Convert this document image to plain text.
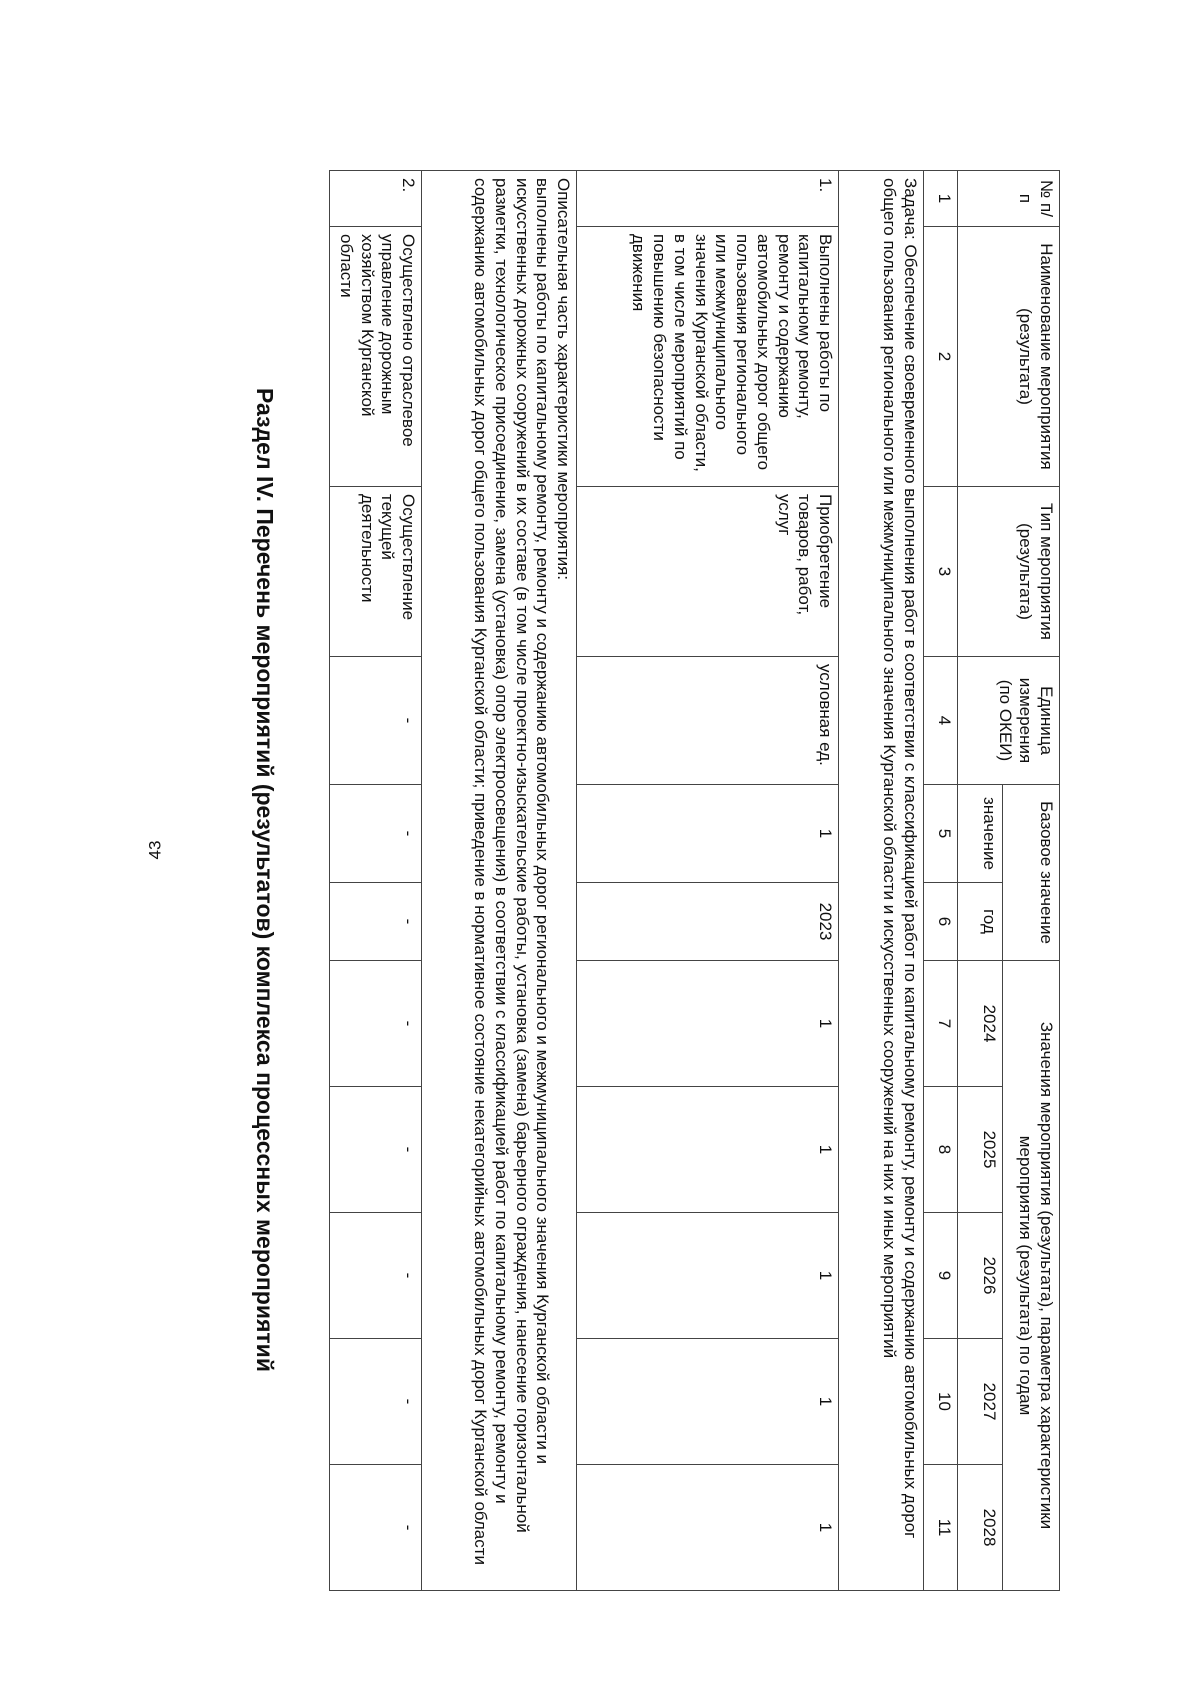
43
№ п/п	Наименование мероприятия (результата)	Тип мероприятия (результата)	Единица измерения (по ОКЕИ)	Базовое значение		Значения мероприятия (результата), параметра характеристики мероприятия (результата) по годам				
				значение	год	2024	2025	2026	2027	2028
1	2	3	4	5	6	7	8	9	10	11
Задача: Обеспечение своевременного выполнения работ в соответствии с классификацией работ по капитальному ремонту, ремонту и содержанию автомобильных дорог общего пользования регионального или межмуниципального значения Курганской области и искусственных сооружений на них и иных мероприятий										
1.	Выполнены работы по капитальному ремонту, ремонту и содержанию автомобильных дорог общего пользования регионального или межмуниципального значения Курганской области, в том числе мероприятий по повышению безопасности движения	Приобретение товаров, работ, услуг	условная ед.	1	2023	1	1	1	1	1

Описательная часть характеристики мероприятия:
выполнены работы по капитальному ремонту, ремонту и содержанию автомобильных дорог регионального и межмуниципального значения Курганской области и искусственных дорожных сооружений в их составе (в том числе проектно-изыскательские работы, установка (замена) барьерного ограждения, нанесение горизонтальной разметки, технологическое присоединение, замена (установка) опор электроосвещения) в соответствии с классификацией работ по капитальному ремонту, ремонту и содержанию автомобильных дорог общего пользования Курганской области; приведение в нормативное состояние некатегорийных автомобильных дорог Курганской области										

2.	Осуществлено отраслевое управление дорожным хозяйством Курганской области	Осуществление текущей деятельности	-	-	-	-	-	-	-	-
Раздел IV. Перечень мероприятий (результатов) комплекса процессных мероприятий
